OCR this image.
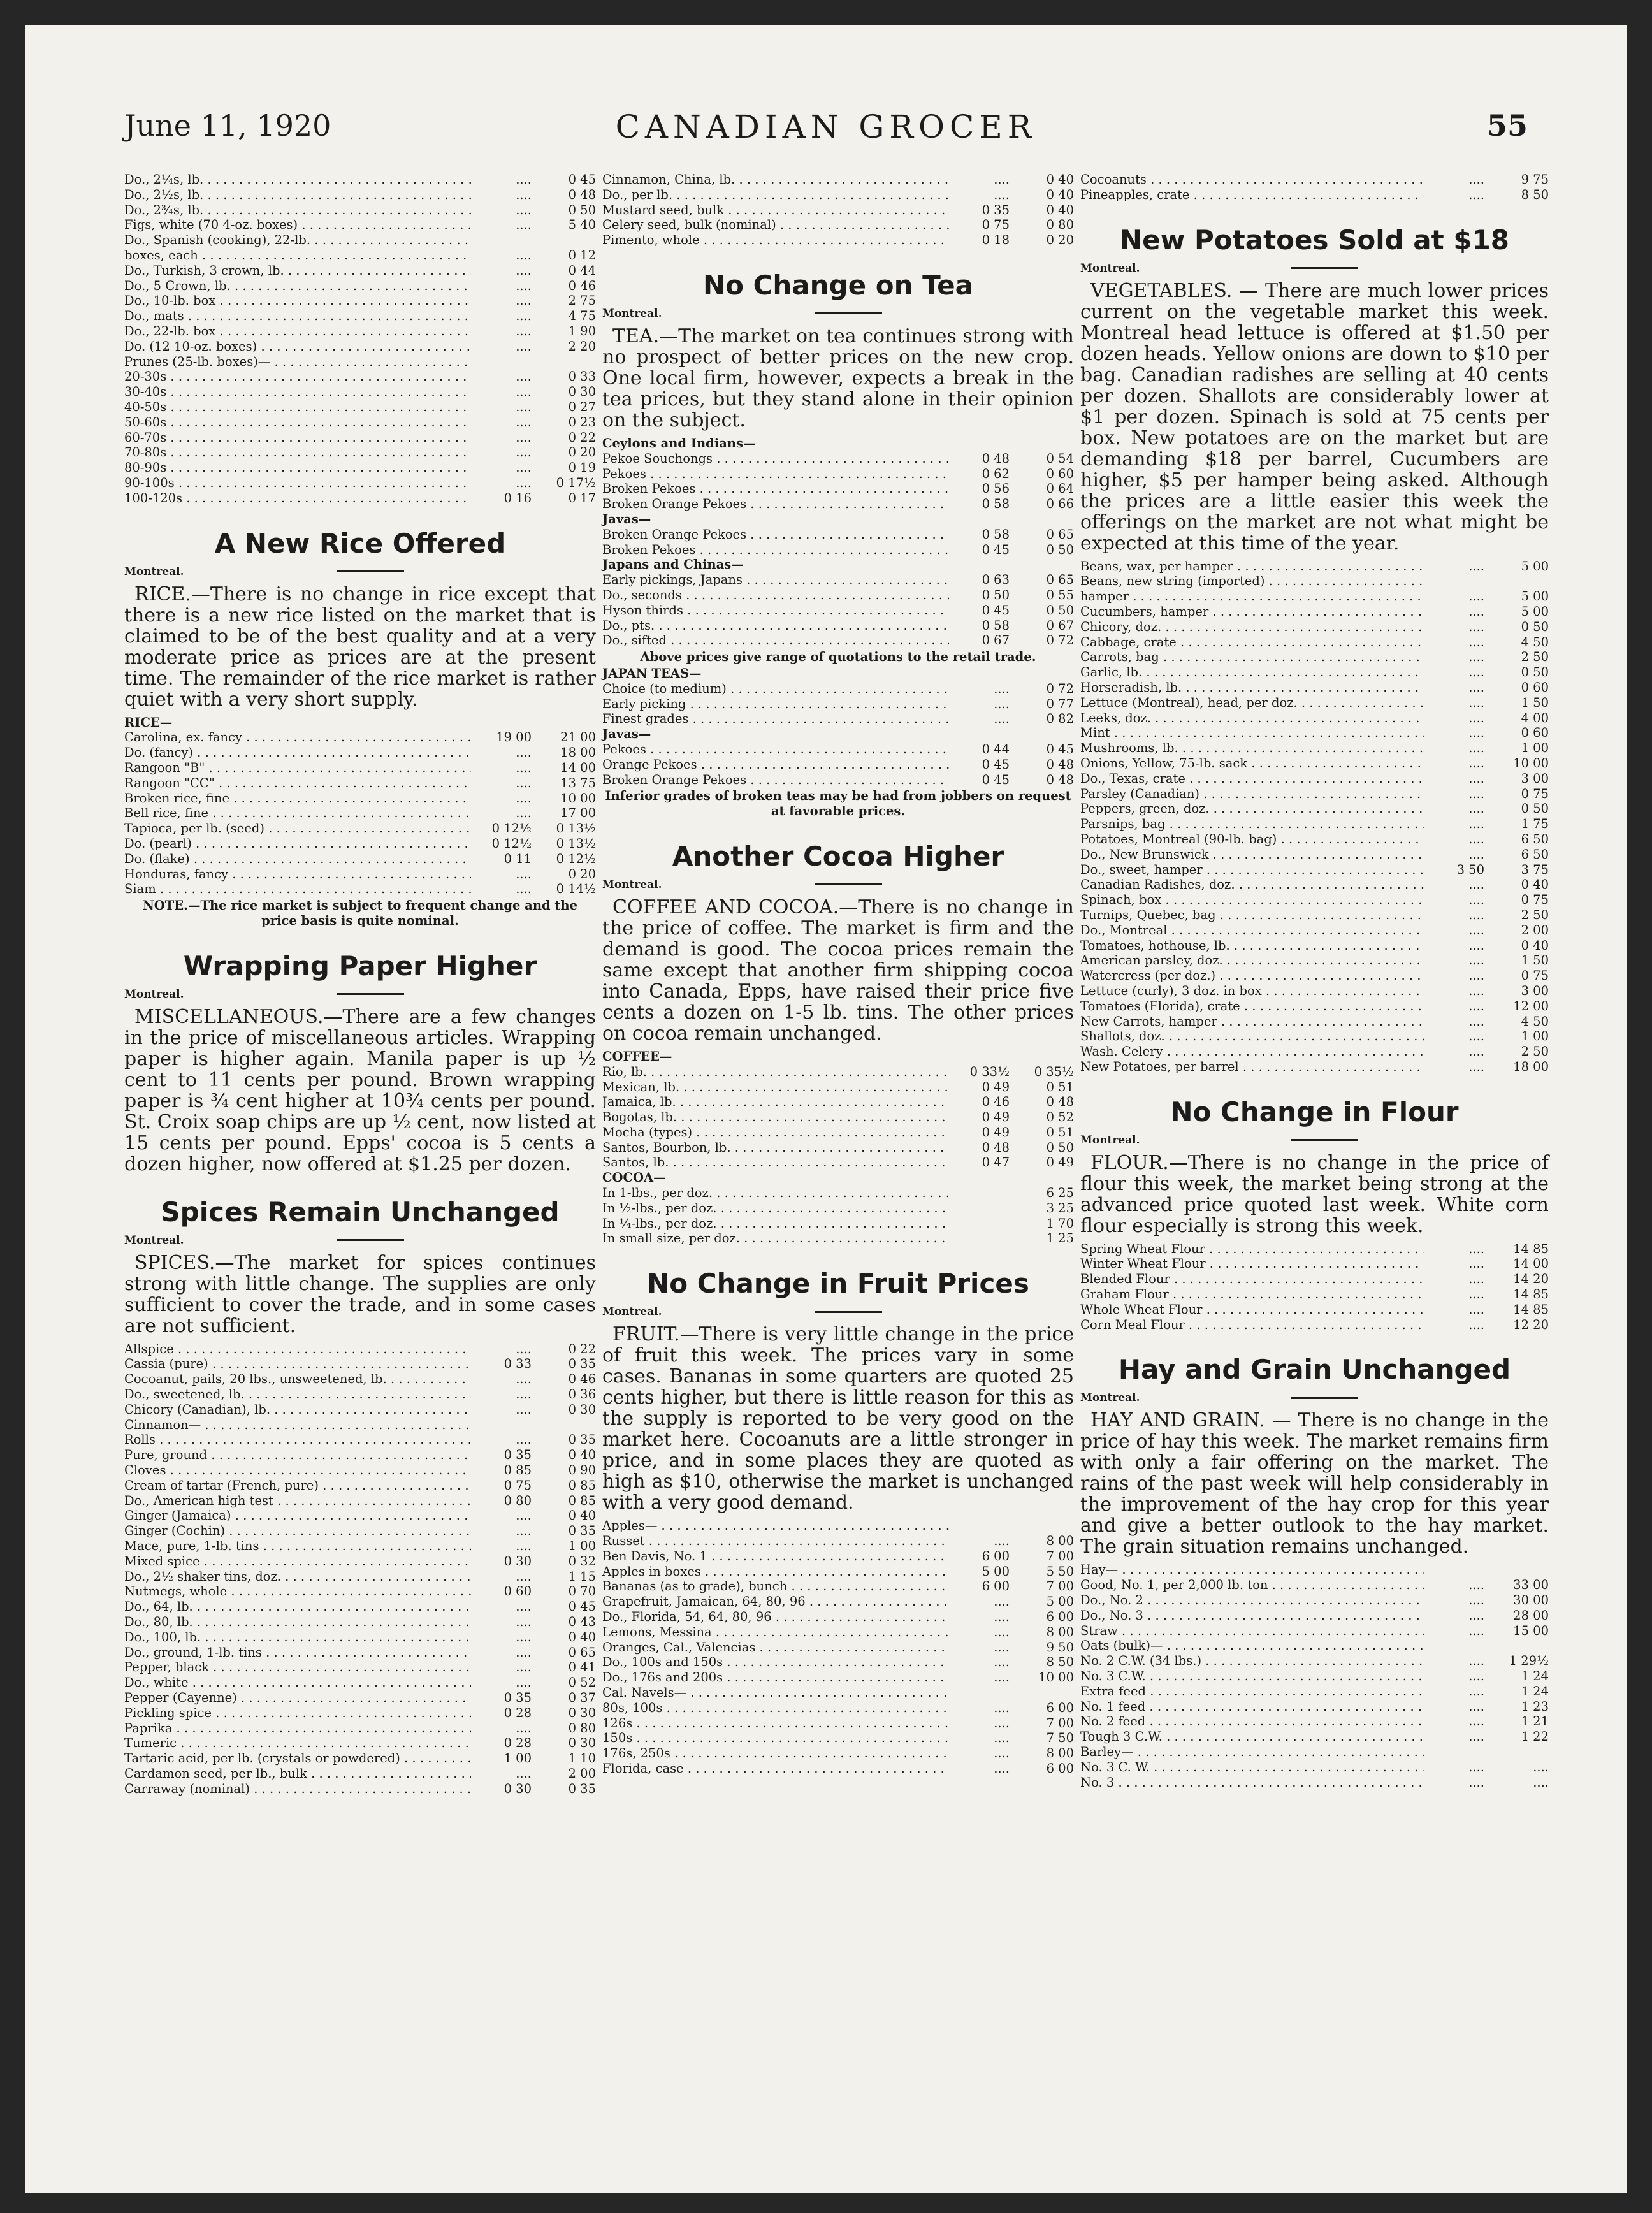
June 11, 1920	CANADIAN GROCER	55
Do., 2¼s, lb. . . .	....	0 45
Do., 2½s, lb. . . .	....	0 48
Do., 2¾s, lb. . . .	....	0 50
Figs, white (70 4-oz. boxes) . . .	....	5 40
Do., Spanish (cooking), 22-lb. . . .
boxes, each . . .	....	0 12
Do., Turkish, 3 crown, lb. . . .	....	0 44
Do., 5 Crown, lb. . . .	....	0 46
Do., 10-lb. box . . .	....	2 75
Do., mats . . .	....	4 75
Do., 22-lb. box . . .	....	1 90
Do. (12 10-oz. boxes) . . .	....	2 20
Prunes (25-lb. boxes)— . . .
20-30s . . .	....	0 33
30-40s . . .	....	0 30
40-50s . . .	....	0 27
50-60s . . .	....	0 23
60-70s . . .	....	0 22
70-80s . . .	....	0 20
80-90s . . .	....	0 19
90-100s . . .	....	0 17½
100-120s . . .	0 16	0 17
A New Rice Offered
Montreal.

RICE.—There is no change in rice except that there is a new rice listed on the market that is claimed to be of the best quality and at a very moderate price as prices are at the present time. The remainder of the rice market is rather quiet with a very short supply.

RICE—
Carolina, ex. fancy . . .	19 00	21 00
Do. (fancy) . . .	....	18 00
Rangoon "B" . . .	....	14 00
Rangoon "CC" . . .	....	13 75
Broken rice, fine . . .	....	10 00
Bell rice, fine . . .	....	17 00
Tapioca, per lb. (seed) . . .	0 12½	0 13½
Do. (pearl) . . .	0 12½	0 13½
Do. (flake) . . .	0 11	0 12½
Honduras, fancy . . .	....	0 20
Siam . . .	....	0 14½
NOTE.—The rice market is subject to frequent change and the price basis is quite nominal.
Wrapping Paper Higher
Montreal.

MISCELLANEOUS.—There are a few changes in the price of miscellaneous articles. Wrapping paper is higher again. Manila paper is up ½ cent to 11 cents per pound. Brown wrapping paper is ¾ cent higher at 10¾ cents per pound. St. Croix soap chips are up ½ cent, now listed at 15 cents per pound. Epps' cocoa is 5 cents a dozen higher, now offered at $1.25 per dozen.

Spices Remain Unchanged
Montreal.

SPICES.—The market for spices continues strong with little change. The supplies are only sufficient to cover the trade, and in some cases are not sufficient.

Allspice . . .	....	0 22
Cassia (pure) . . .	0 33	0 35
Cocoanut, pails, 20 lbs., unsweetened, lb. . . .	....	0 46
Do., sweetened, lb. . . .	....	0 36
Chicory (Canadian), lb. . . .	....	0 30
Cinnamon— . . .
Rolls . . .	....	0 35
Pure, ground . . .	0 35	0 40
Cloves . . .	0 85	0 90
Cream of tartar (French, pure) . . .	0 75	0 85
Do., American high test . . .	0 80	0 85
Ginger (Jamaica) . . .	....	0 40
Ginger (Cochin) . . .	....	0 35
Mace, pure, 1-lb. tins . . .	....	1 00
Mixed spice . . .	0 30	0 32
Do., 2½ shaker tins, doz. . . .	....	1 15
Nutmegs, whole . . .	0 60	0 70
Do., 64, lb. . . .	....	0 45
Do., 80, lb. . . .	....	0 43
Do., 100, lb. . . .	....	0 40
Do., ground, 1-lb. tins . . .	....	0 65
Pepper, black . . .	....	0 41
Do., white . . .	....	0 52
Pepper (Cayenne) . . .	0 35	0 37
Pickling spice . . .	0 28	0 30
Paprika . . .	....	0 80
Tumeric . . .	0 28	0 30
Tartaric acid, per lb. (crystals or powdered) . . .	1 00	1 10
Cardamon seed, per lb., bulk . . .	....	2 00
Carraway (nominal) . . .	0 30	0 35
Cinnamon, China, lb. . . .	....	0 40
Do., per lb. . . .	....	0 40
Mustard seed, bulk . . .	0 35	0 40
Celery seed, bulk (nominal) . . .	0 75	0 80
Pimento, whole . . .	0 18	0 20
No Change on Tea
Montreal.

TEA.—The market on tea continues strong with no prospect of better prices on the new crop. One local firm, however, expects a break in the tea prices, but they stand alone in their opinion on the subject.

Ceylons and Indians—
Pekoe Souchongs . . .	0 48	0 54
Pekoes . . .	0 62	0 60
Broken Pekoes . . .	0 56	0 64
Broken Orange Pekoes . . .	0 58	0 66
Javas—
Broken Orange Pekoes . . .	0 58	0 65
Broken Pekoes . . .	0 45	0 50
Japans and Chinas—
Early pickings, Japans . . .	0 63	0 65
Do., seconds . . .	0 50	0 55
Hyson thirds . . .	0 45	0 50
Do., pts. . . .	0 58	0 67
Do., sifted . . .	0 67	0 72
Above prices give range of quotations to the retail trade.
JAPAN TEAS—
Choice (to medium) . . .	....	0 72
Early picking . . .	....	0 77
Finest grades . . .	....	0 82
Javas—
Pekoes . . .	0 44	0 45
Orange Pekoes . . .	0 45	0 48
Broken Orange Pekoes . . .	0 45	0 48
Inferior grades of broken teas may be had from jobbers on request at favorable prices.
Another Cocoa Higher
Montreal.

COFFEE AND COCOA.—There is no change in the price of coffee. The market is firm and the demand is good. The cocoa prices remain the same except that another firm shipping cocoa into Canada, Epps, have raised their price five cents a dozen on 1-5 lb. tins. The other prices on cocoa remain unchanged.

COFFEE—
Rio, lb. . . .	0 33½	0 35½
Mexican, lb. . . .	0 49	0 51
Jamaica, lb. . . .	0 46	0 48
Bogotas, lb. . . .	0 49	0 52
Mocha (types) . . .	0 49	0 51
Santos, Bourbon, lb. . . .	0 48	0 50
Santos, lb. . . .	0 47	0 49
COCOA—
In 1-lbs., per doz. . . .	6 25
In ½-lbs., per doz. . . .	3 25
In ¼-lbs., per doz. . . .	1 70
In small size, per doz. . . .	1 25
No Change in Fruit Prices
Montreal.

FRUIT.—There is very little change in the price of fruit this week. The prices vary in some cases. Bananas in some quarters are quoted 25 cents higher, but there is little reason for this as the supply is reported to be very good on the market here. Cocoanuts are a little stronger in price, and in some places they are quoted as high as $10, otherwise the market is unchanged with a very good demand.

Apples— . . .
Russet . . .	....	8 00
Ben Davis, No. 1 . . .	6 00	7 00
Apples in boxes . . .	5 00	5 50
Bananas (as to grade), bunch . . .	6 00	7 00
Grapefruit, Jamaican, 64, 80, 96 . . .	....	5 00
Do., Florida, 54, 64, 80, 96 . . .	....	6 00
Lemons, Messina . . .	....	8 00
Oranges, Cal., Valencias . . .	....	9 50
Do., 100s and 150s . . .	....	8 50
Do., 176s and 200s . . .	....	10 00
Cal. Navels— . . .
80s, 100s . . .	....	6 00
126s . . .	....	7 00
150s . . .	....	7 50
176s, 250s . . .	....	8 00
Florida, case . . .	....	6 00
Cocoanuts . . .	....	9 75
Pineapples, crate . . .	....	8 50
New Potatoes Sold at $18
Montreal.

VEGETABLES. — There are much lower prices current on the vegetable market this week. Montreal head lettuce is offered at $1.50 per dozen heads. Yellow onions are down to $10 per bag. Canadian radishes are selling at 40 cents per dozen. Shallots are considerably lower at $1 per dozen. Spinach is sold at 75 cents per box. New potatoes are on the market but are demanding $18 per barrel, Cucumbers are higher, $5 per hamper being asked. Although the prices are a little easier this week the offerings on the market are not what might be expected at this time of the year.

Beans, wax, per hamper . . .	....	5 00
Beans, new string (imported) . . .
hamper . . .	....	5 00
Cucumbers, hamper . . .	....	5 00
Chicory, doz. . . .	....	0 50
Cabbage, crate . . .	....	4 50
Carrots, bag . . .	....	2 50
Garlic, lb. . . .	....	0 50
Horseradish, lb. . . .	....	0 60
Lettuce (Montreal), head, per doz. . . .	....	1 50
Leeks, doz. . . .	....	4 00
Mint . . .	....	0 60
Mushrooms, lb. . . .	....	1 00
Onions, Yellow, 75-lb. sack . . .	....	10 00
Do., Texas, crate . . .	....	3 00
Parsley (Canadian) . . .	....	0 75
Peppers, green, doz. . . .	....	0 50
Parsnips, bag . . .	....	1 75
Potatoes, Montreal (90-lb. bag) . . .	....	6 50
Do., New Brunswick . . .	....	6 50
Do., sweet, hamper . . .	3 50	3 75
Canadian Radishes, doz. . . .	....	0 40
Spinach, box . . .	....	0 75
Turnips, Quebec, bag . . .	....	2 50
Do., Montreal . . .	....	2 00
Tomatoes, hothouse, lb. . . .	....	0 40
American parsley, doz. . . .	....	1 50
Watercress (per doz.) . . .	....	0 75
Lettuce (curly), 3 doz. in box . . .	....	3 00
Tomatoes (Florida), crate . . .	....	12 00
New Carrots, hamper . . .	....	4 50
Shallots, doz. . . .	....	1 00
Wash. Celery . . .	....	2 50
New Potatoes, per barrel . . .	....	18 00
No Change in Flour
Montreal.

FLOUR.—There is no change in the price of flour this week, the market being strong at the advanced price quoted last week. White corn flour especially is strong this week.

Spring Wheat Flour . . .	....	14 85
Winter Wheat Flour . . .	....	14 00
Blended Flour . . .	....	14 20
Graham Flour . . .	....	14 85
Whole Wheat Flour . . .	....	14 85
Corn Meal Flour . . .	....	12 20
Hay and Grain Unchanged
Montreal.

HAY AND GRAIN. — There is no change in the price of hay this week. The market remains firm with only a fair offering on the market. The rains of the past week will help considerably in the improvement of the hay crop for this year and give a better outlook to the hay market. The grain situation remains unchanged.

Hay— . . .
Good, No. 1, per 2,000 lb. ton . . .	....	33 00
Do., No. 2 . . .	....	30 00
Do., No. 3 . . .	....	28 00
Straw . . .	....	15 00
Oats (bulk)— . . .
No. 2 C.W. (34 lbs.) . . .	....	1 29½
No. 3 C.W. . . .	....	1 24
Extra feed . . .	....	1 24
No. 1 feed . . .	....	1 23
No. 2 feed . . .	....	1 21
Tough 3 C.W. . . .	....	1 22
Barley— . . .
No. 3 C. W. . . .	....	....
No. 3 . . .	....	....
